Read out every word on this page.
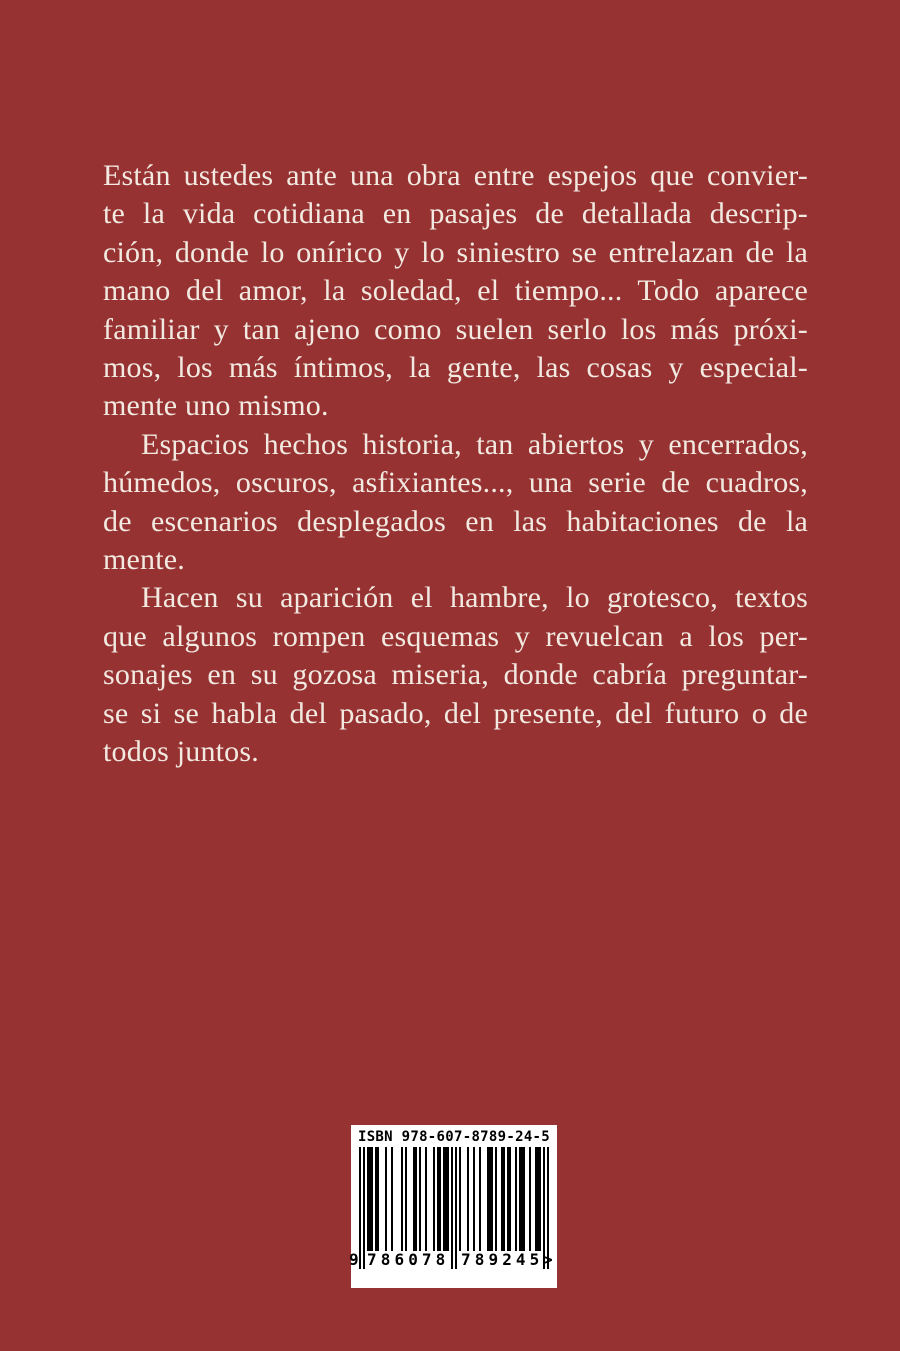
Están ustedes ante una obra entre espejos que convier-
te la vida cotidiana en pasajes de detallada descrip-
ción, donde lo onírico y lo siniestro se entrelazan de la
mano del amor, la soledad, el tiempo... Todo aparece
familiar y tan ajeno como suelen serlo los más próxi-
mos, los más íntimos, la gente, las cosas y especial-
mente uno mismo.
Espacios hechos historia, tan abiertos y encerrados,
húmedos, oscuros, asfixiantes..., una serie de cuadros,
de escenarios desplegados en las habitaciones de la
mente.
Hacen su aparición el hambre, lo grotesco, textos
que algunos rompen esquemas y revuelcan a los per-
sonajes en su gozosa miseria, donde cabría preguntar-
se si se habla del pasado, del presente, del futuro o de
todos juntos.
ISBN 978-607-8789-24-5
9 786078 789245 >
